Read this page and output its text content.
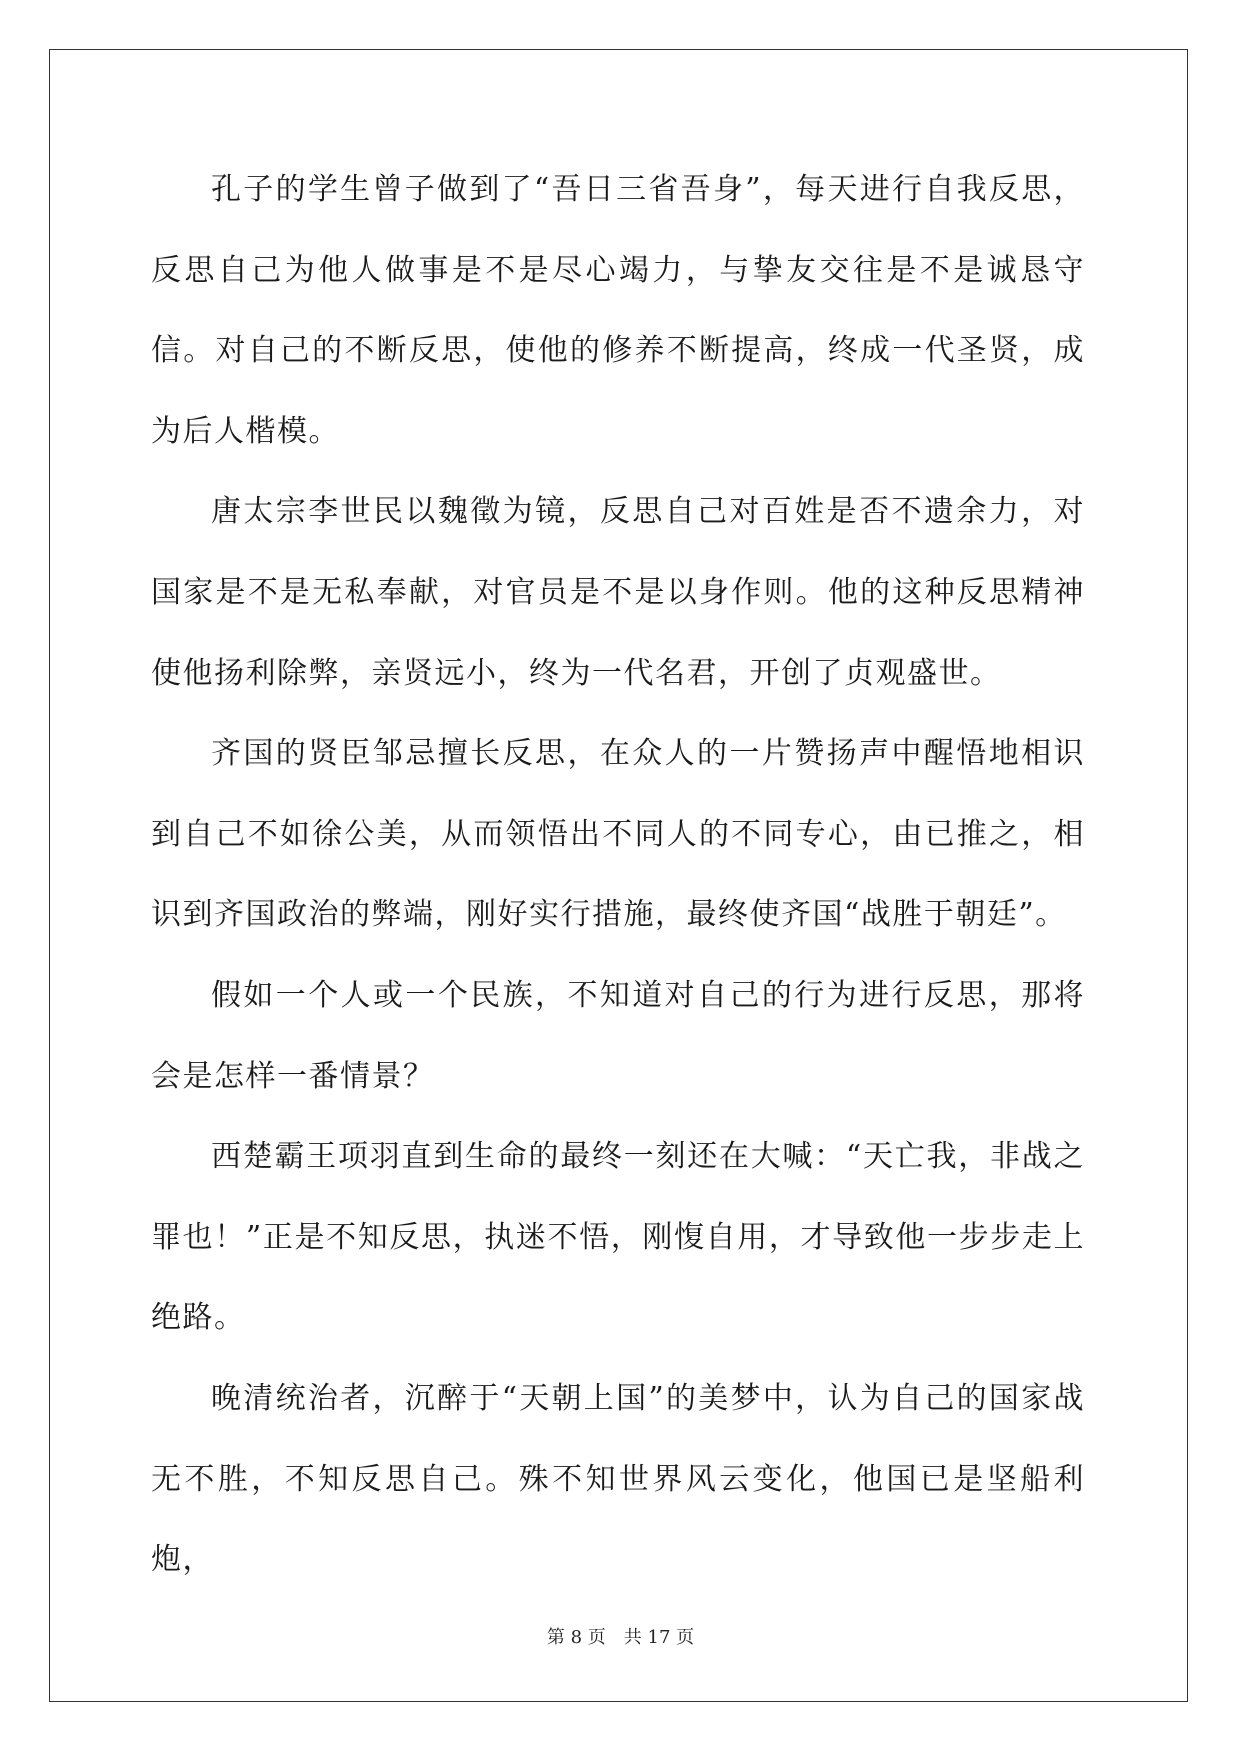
孔子的学生曾子做到了“吾日三省吾身”，每天进行自我反思，反思自己为他人做事是不是尽心竭力，与挚友交往是不是诚恳守信。对自己的不断反思，使他的修养不断提高，终成一代圣贤，成为后人楷模。

唐太宗李世民以魏徵为镜，反思自己对百姓是否不遗余力，对国家是不是无私奉献，对官员是不是以身作则。他的这种反思精神使他扬利除弊，亲贤远小，终为一代名君，开创了贞观盛世。

齐国的贤臣邹忌擅长反思，在众人的一片赞扬声中醒悟地相识到自己不如徐公美，从而领悟出不同人的不同专心，由已推之，相识到齐国政治的弊端，刚好实行措施，最终使齐国“战胜于朝廷”。

假如一个人或一个民族，不知道对自己的行为进行反思，那将会是怎样一番情景？

西楚霸王项羽直到生命的最终一刻还在大喊：“天亡我，非战之罪也！”正是不知反思，执迷不悟，刚愎自用，才导致他一步步走上绝路。

晚清统治者，沉醉于“天朝上国”的美梦中，认为自己的国家战无不胜，不知反思自己。殊不知世界风云变化，他国已是坚船利炮，

第 8 页　共 17 页
